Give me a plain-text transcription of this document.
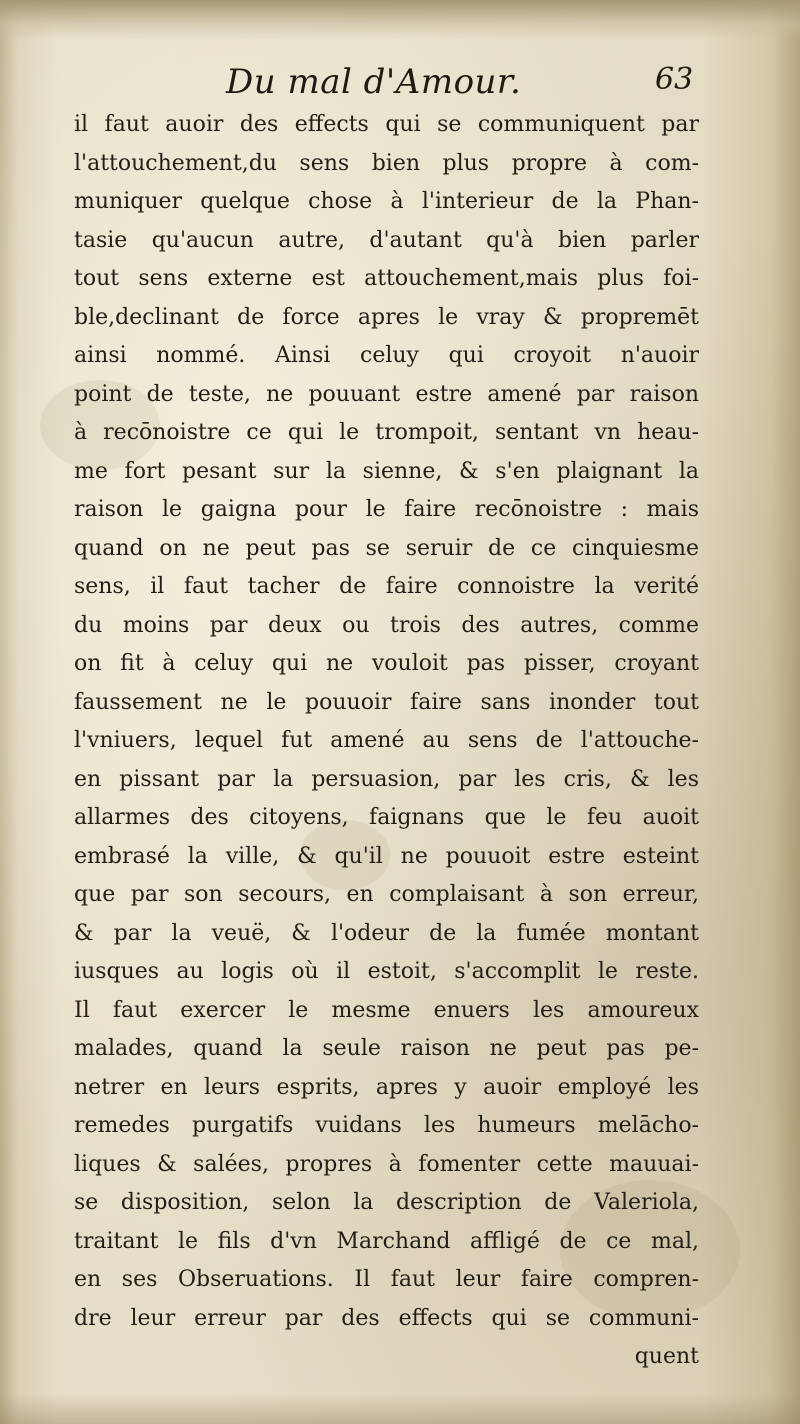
Du mal d'Amour.	63
il faut auoir des effects qui se communiquent par
l'attouchement,du sens bien plus propre à com-
muniquer quelque chose à l'interieur de la Phan-
tasie qu'aucun autre, d'autant qu'à bien parler
tout sens externe est attouchement,mais plus foi-
ble,declinant de force apres le vray & propremēt
ainsi nommé. Ainsi celuy qui croyoit n'auoir
point de teste, ne pouuant estre amené par raison
à recōnoistre ce qui le trompoit, sentant vn heau-
me fort pesant sur la sienne, & s'en plaignant la
raison le gaigna pour le faire recōnoistre : mais
quand on ne peut pas se seruir de ce cinquiesme
sens, il faut tacher de faire connoistre la verité
du moins par deux ou trois des autres, comme
on fit à celuy qui ne vouloit pas pisser, croyant
faussement ne le pouuoir faire sans inonder tout
l'vniuers, lequel fut amené au sens de l'attouche-
en pissant par la persuasion, par les cris, & les
allarmes des citoyens, faignans que le feu auoit
embrasé la ville, & qu'il ne pouuoit estre esteint
que par son secours, en complaisant à son erreur,
& par la veuë, & l'odeur de la fumée montant
iusques au logis où il estoit, s'accomplit le reste.
Il faut exercer le mesme enuers les amoureux
malades, quand la seule raison ne peut pas pe-
netrer en leurs esprits, apres y auoir employé les
remedes purgatifs vuidans les humeurs melācho-
liques & salées, propres à fomenter cette mauuai-
se disposition, selon la description de Valeriola,
traitant le fils d'vn Marchand affligé de ce mal,
en ses Obseruations. Il faut leur faire compren-
dre leur erreur par des effects qui se communi-
quent
